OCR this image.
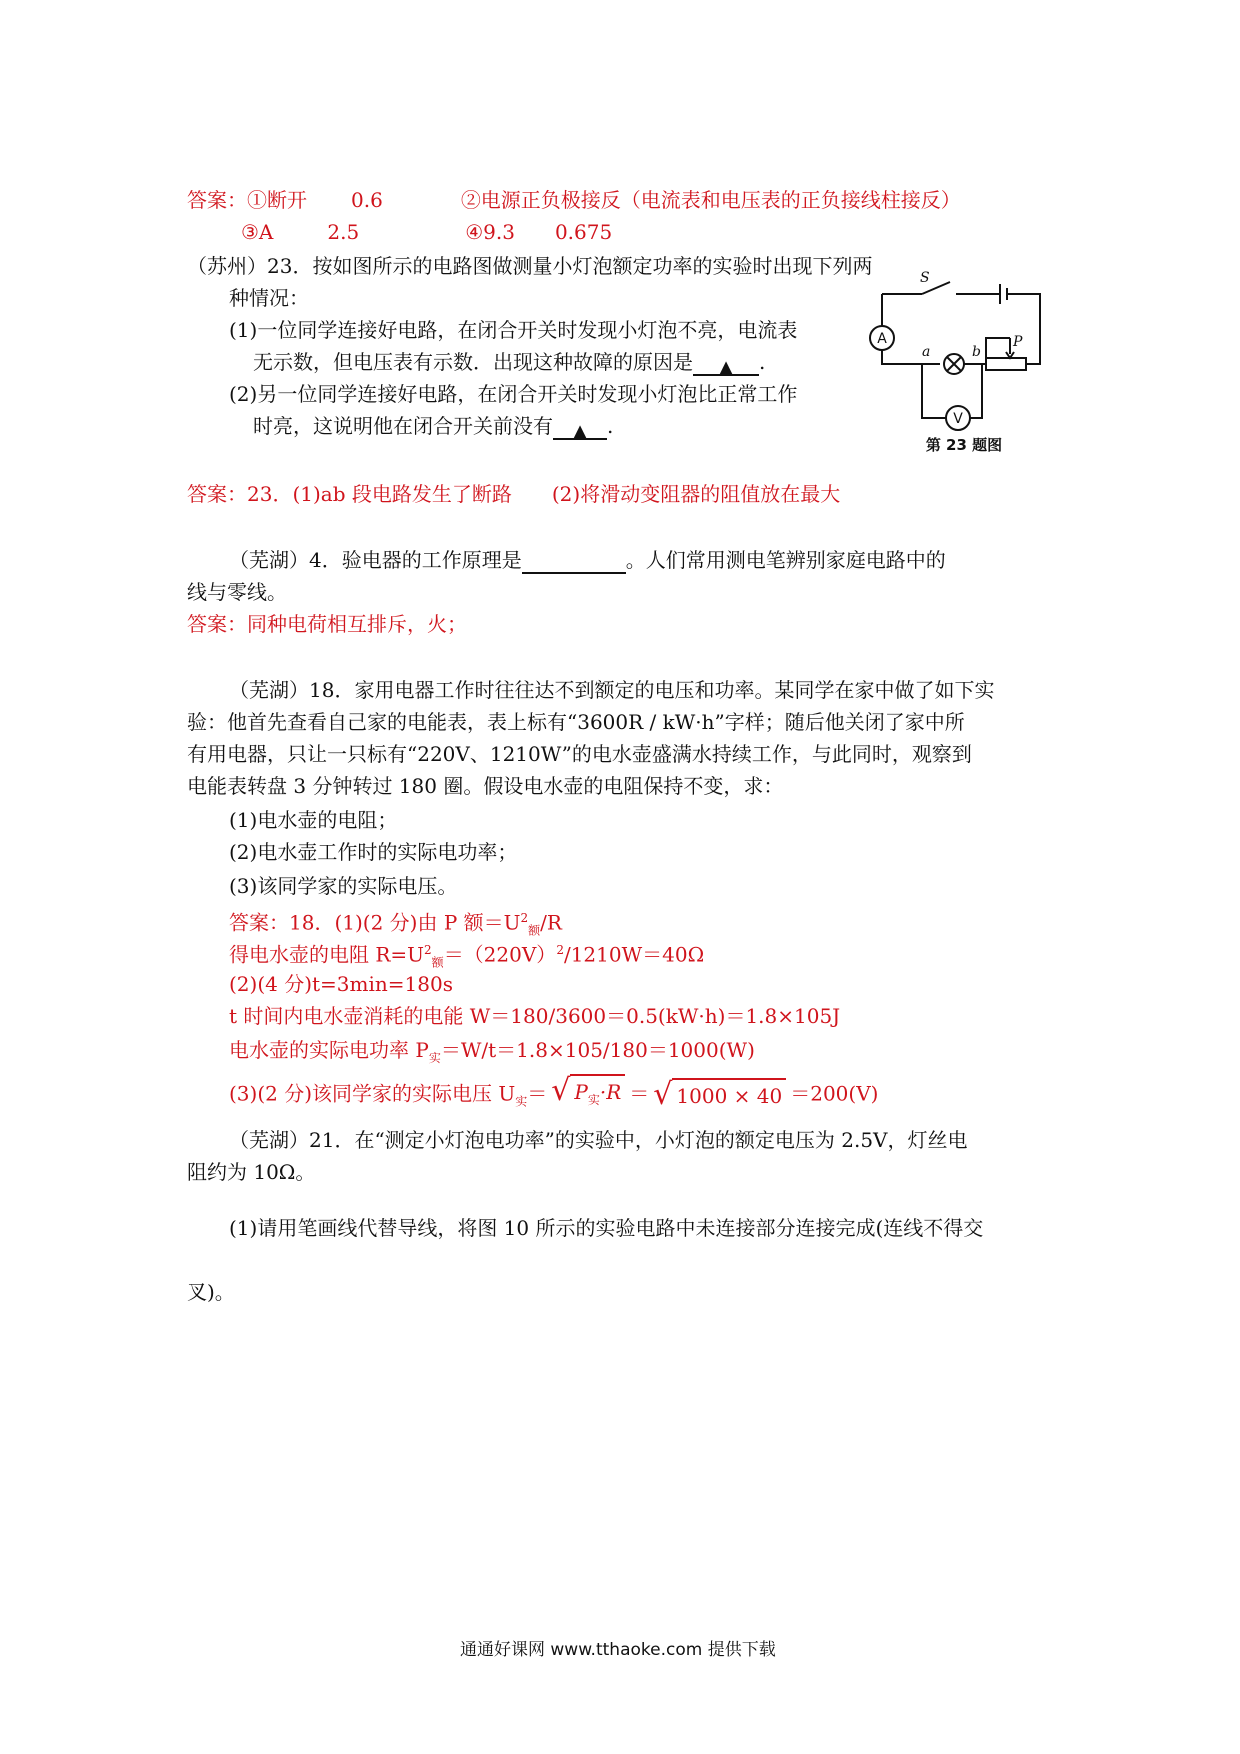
答案：①断开 0.6	②电源正负极接反（电流表和电压表的正负接线柱接反）
③A	2.5	④9.3 0.675
（苏州）23．按如图所示的电路图做测量小灯泡额定功率的实验时出现下列两
种情况：
(1)一位同学连接好电路，在闭合开关时发现小灯泡不亮，电流表
无示数，但电压表有示数．出现这种故障的原因是 ▲ .
(2)另一位同学连接好电路，在闭合开关时发现小灯泡比正常工作
时亮，这说明他在闭合开关前没有 ▲ .
S
a	b
P
A
V
第 23 题图
答案：23．(1)ab 段电路发生了断路　　(2)将滑动变阻器的阻值放在最大
（芜湖）4．验电器的工作原理是	。人们常用测电笔辨别家庭电路中的
线与零线。
答案：同种电荷相互排斥，火；
（芜湖）18．家用电器工作时往往达不到额定的电压和功率。某同学在家中做了如下实
验：他首先查看自己家的电能表，表上标有“3600R / kW·h”字样；随后他关闭了家中所
有用电器，只让一只标有“220V、1210W”的电水壶盛满水持续工作，与此同时，观察到
电能表转盘 3 分钟转过 180 圈。假设电水壶的电阻保持不变，求：
(1)电水壶的电阻；
(2)电水壶工作时的实际电功率；
(3)该同学家的实际电压。
答案：18．(1)(2 分)由 P 额$=U^2_额/R$
得电水壶的电阻 $R=U^2_额=(220V)^2/1210W=40\Omega$
(2)(4 分)t=3min=180s
t 时间内电水壶消耗的电能 W＝180/3600＝0.5(kW·h)＝1.8×105J
电水壶的实际电功率 $P_实=W/t=1.8\times 105/180=1000(W)$
(3)(2 分)该同学家的实际电压 $U_实=$ √ $P_实\cdot R$ ＝ √ 1000 × 40 ＝200(V)
（芜湖）21．在“测定小灯泡电功率”的实验中，小灯泡的额定电压为 2.5V，灯丝电
阻约为 10Ω。
(1)请用笔画线代替导线，将图 10 所示的实验电路中未连接部分连接完成(连线不得交
叉)。
通通好课网 www.tthaoke.com 提供下载
